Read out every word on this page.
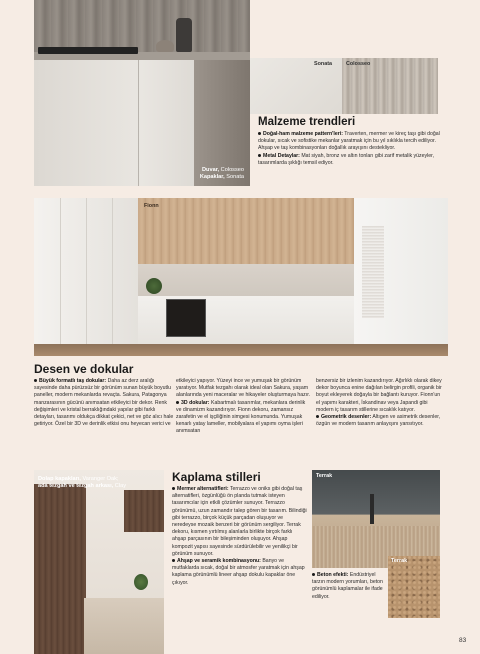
Duvar, Colosseo
Kapaklar, Sonata
Sonata	Colosseo
Malzeme trendleri
Doğal-ham malzeme pattern'leri: Traverten, mermer ve kireç taşı gibi doğal dokular, sıcak ve sofistike mekanlar yaratmak için bu yıl sıklıkla tercih ediliyor. Ahşap ve taş kombinasyonları doğallık arayışını destekliyor.
Metal Detaylar: Mat siyah, bronz ve altın tonları gibi zarif metalik yüzeyler, tasarımlarda şıklığı temsil ediyor.
Fionn
Desen ve dokular
Büyük formatlı taş dokular: Daha az derz aralığı sayesinde daha pürüzsüz bir görünüm sunan büyük boyutlu paneller, modern mekanlarda revaçta. Sakura, Patagonya manzarasının gücünü anımsatan etkileyici bir dekor. Renk değişimleri ve kristal berraklığındaki yapılar gibi farklı detayları, tasarımı oldukça dikkat çekici, net ve göz alıcı hale getiriyor. Özel bir 3D ve derinlik etkisi onu heyecan verici ve
etkileyici yapıyor. Yüzeyi ince ve yumuşak bir görünüm yaratıyor. Mutfak tezgahı olarak ideal olan Sakura, yaşam alanlarında yeni maceralar ve hikayeler oluşturmaya hazır.
3D dokular: Kabartmalı tasarımlar, mekanlara derinlik ve dinamizm kazandırıyor. Fionn dekoru, zamansız zarafetin ve el işçiliğinin simgesi konumunda. Yumuşak kenarlı yatay lameller, mobilyalara el yapımı oyma işleri anımsatan
benzersiz bir izlenim kazandırıyor. Ağırlıklı olarak dikey dekor boyunca enine dağılan belirgin profili, organik bir boyut ekleyerek doğayla bir bağlantı kuruyor. Fionn'un el yapımı karakteri, İskandinav veya Japandi gibi modern iç tasarım stillerine sıcaklık katıyor.
Geometrik desenler: Altıgen ve asimetrik desenler, özgün ve modern tasarım anlayışını yansıtıyor.
Dolap kapakları, Varanger Oak;
ada tezgah ve tezgah arkası, Clay
Kaplama stilleri
Mermer alternatifleri: Terrazzo ve oniks gibi doğal taş alternatifleri, özgünlüğü ön planda tutmak isteyen tasarımcılar için etkili çözümler sunuyor. Terrazzo görünümü, uzun zamandır talep gören bir tasarım. Bilindiği gibi terrazzo, birçok küçük parçadan oluşuyor ve neredeyse mozaik benzeri bir görünüm sergiliyor. Terrak dekoru, kısmen yırtılmış alanlarla birlikte birçok farklı ahşap parçasının bir bileşiminden oluşuyor. Ahşap kompozit yapısı sayesinde sürdürülebilir ve yenilikçi bir görünüm sunuyor.
Ahşap ve seramik kombinasyonu: Banyo ve mutfaklarda sıcak, doğal bir atmosfer yaratmak için ahşap kaplama görünümlü lineer ahşap dokulu kapaklar öne çıkıyor.
Terrak
Beton efekti: Endüstriyel tarzın modern yorumları, beton görünümlü kaplamalar ile ifade ediliyor.
Terrak
83
